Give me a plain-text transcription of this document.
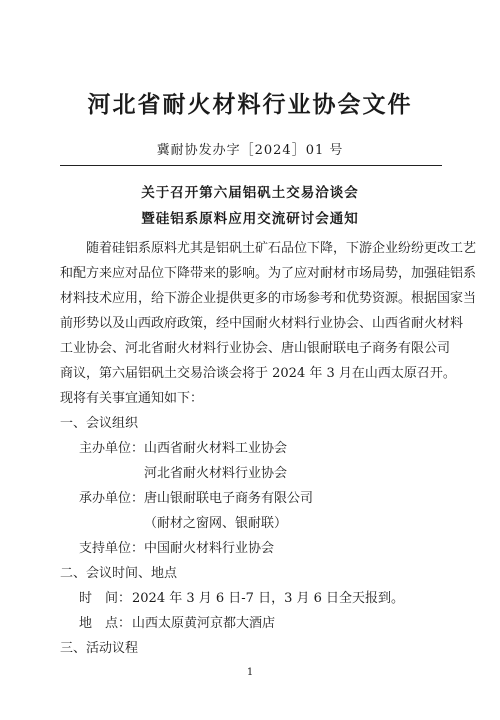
河北省耐火材料行业协会文件
冀耐协发办字［2024］01 号
关于召开第六届铝矾土交易洽谈会
暨硅铝系原料应用交流研讨会通知
随着硅铝系原料尤其是铝矾土矿石品位下降，下游企业纷纷更改工艺
和配方来应对品位下降带来的影响。为了应对耐材市场局势，加强硅铝系
材料技术应用，给下游企业提供更多的市场参考和优势资源。根据国家当
前形势以及山西政府政策，经中国耐火材料行业协会、山西省耐火材料
工业协会、河北省耐火材料行业协会、唐山银耐联电子商务有限公司
商议，第六届铝矾土交易洽谈会将于 2024 年 3 月在山西太原召开。
现将有关事宜通知如下：
一、会议组织
主办单位： 山西省耐火材料工业协会
河北省耐火材料行业协会
承办单位： 唐山银耐联电子商务有限公司
（耐材之窗网、银耐联）
支持单位： 中国耐火材料行业协会
二、会议时间、地点
时　间： 2024 年 3 月 6 日-7 日，3 月 6 日全天报到。
地　点： 山西太原黄河京都大酒店
三、活动议程
1
